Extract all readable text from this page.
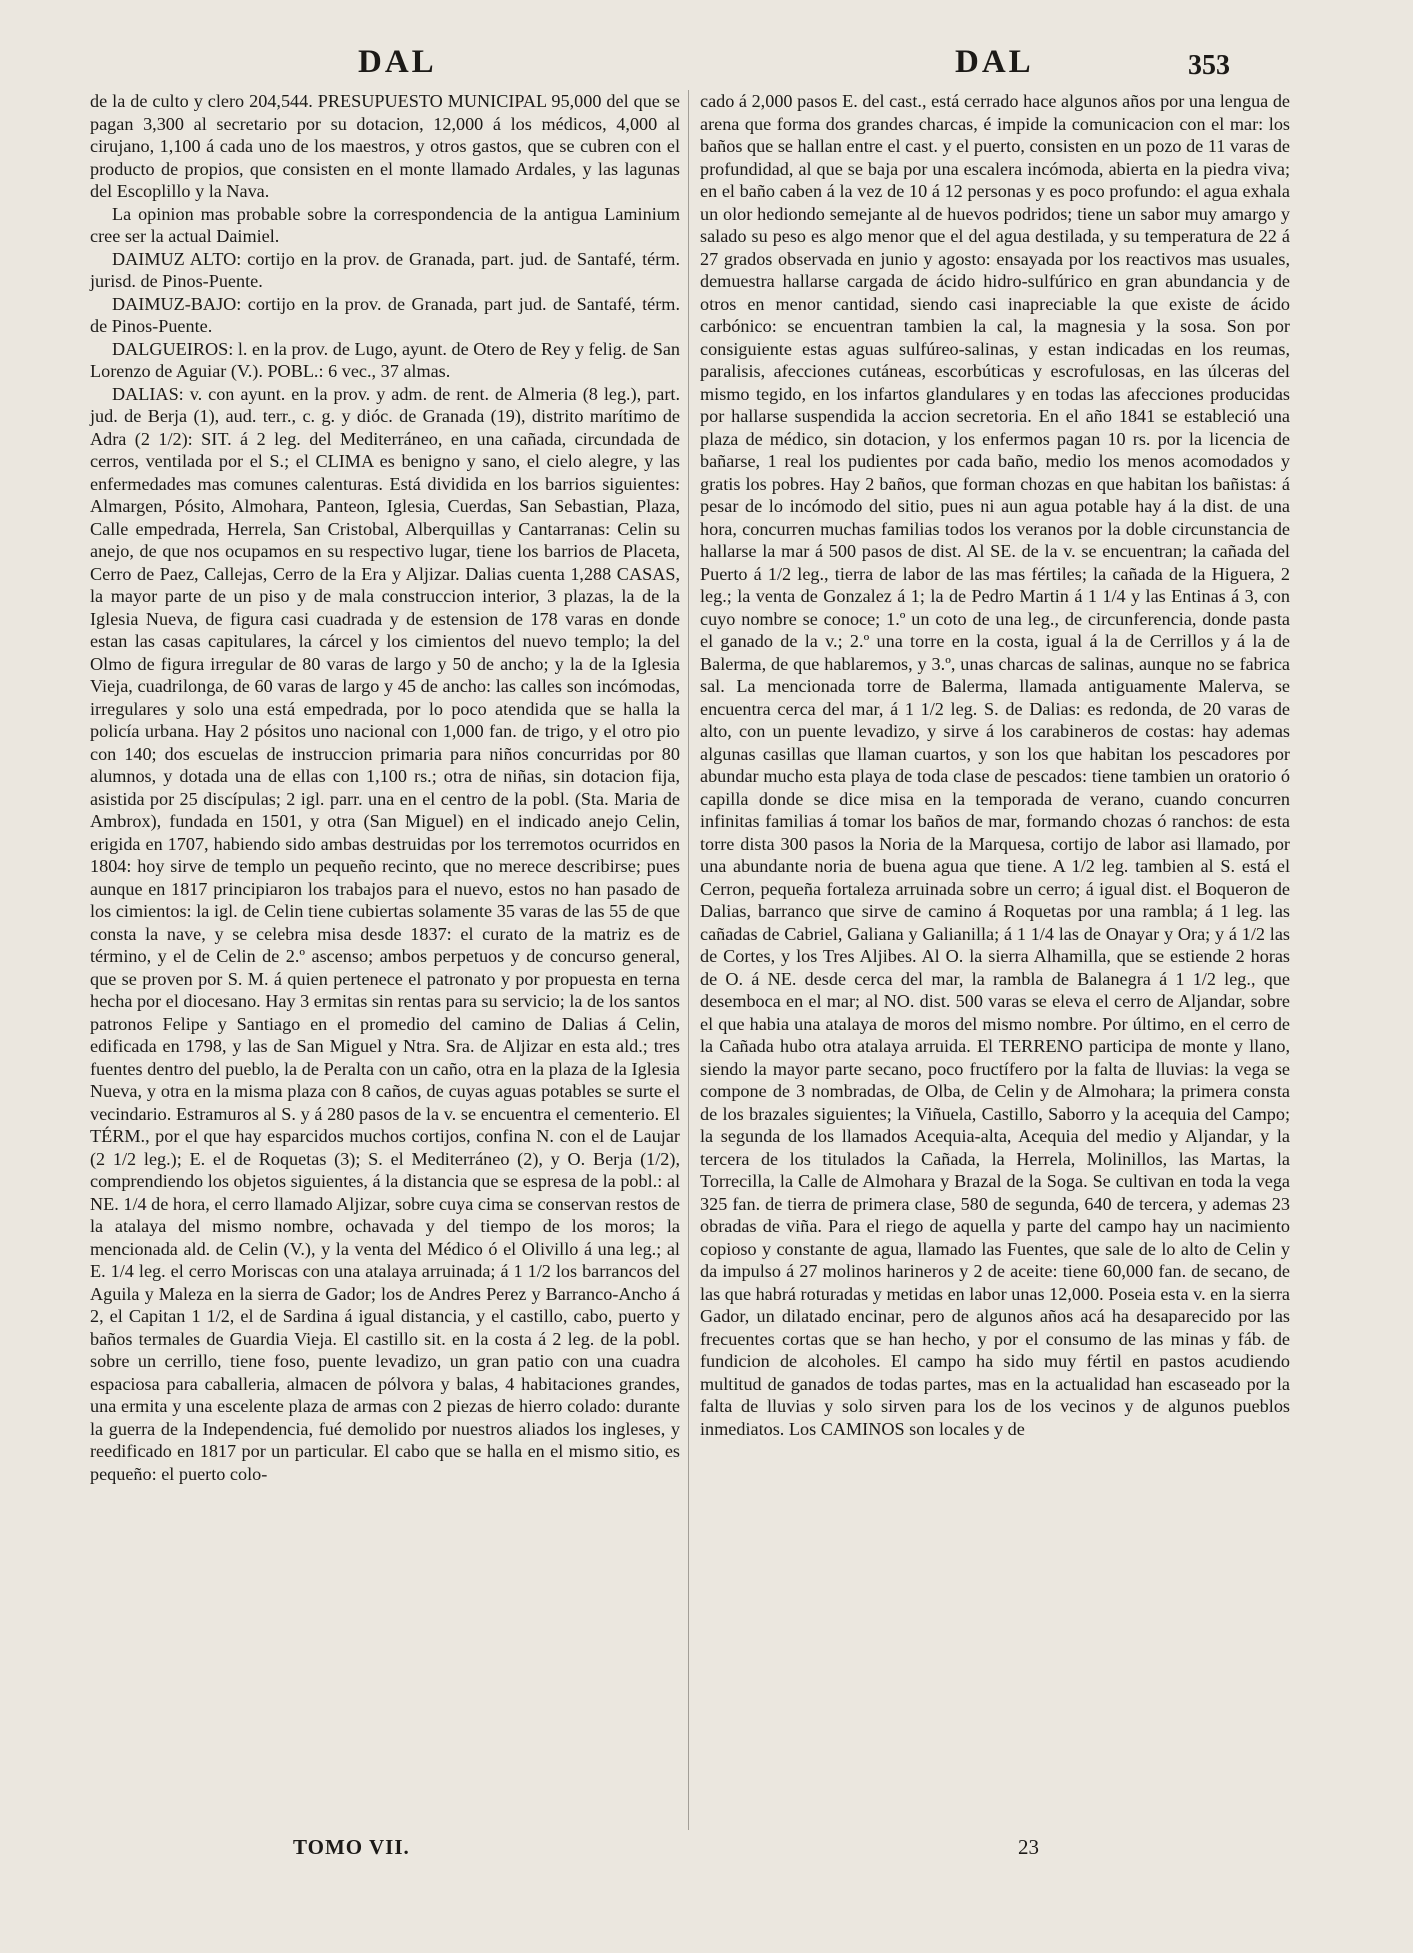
DAL	DAL	353

de la de culto y clero 204,544. PRESUPUESTO MUNICIPAL 95,000 del que se pagan 3,300 al secretario por su dotacion, 12,000 á los médicos, 4,000 al cirujano, 1,100 á cada uno de los maestros, y otros gastos, que se cubren con el producto de propios, que consisten en el monte llamado Ardales, y las lagunas del Escoplillo y la Nava.

La opinion mas probable sobre la correspondencia de la antigua Laminium cree ser la actual Daimiel.

DAIMUZ ALTO: cortijo en la prov. de Granada, part. jud. de Santafé, térm. jurisd. de Pinos-Puente.

DAIMUZ-BAJO: cortijo en la prov. de Granada, part jud. de Santafé, térm. de Pinos-Puente.

DALGUEIROS: l. en la prov. de Lugo, ayunt. de Otero de Rey y felig. de San Lorenzo de Aguiar (V.). POBL.: 6 vec., 37 almas.

DALIAS: v. con ayunt. en la prov. y adm. de rent. de Almeria (8 leg.), part. jud. de Berja (1), aud. terr., c. g. y dióc. de Granada (19), distrito marítimo de Adra (2 1/2): SIT. á 2 leg. del Mediterráneo, en una cañada, circundada de cerros, ventilada por el S.; el CLIMA es benigno y sano, el cielo alegre, y las enfermedades mas comunes calenturas. Está dividida en los barrios siguientes: Almargen, Pósito, Almohara, Panteon, Iglesia, Cuerdas, San Sebastian, Plaza, Calle empedrada, Herrela, San Cristobal, Alberquillas y Cantarranas: Celin su anejo, de que nos ocupamos en su respectivo lugar, tiene los barrios de Placeta, Cerro de Paez, Callejas, Cerro de la Era y Aljizar. Dalias cuenta 1,288 CASAS, la mayor parte de un piso y de mala construccion interior, 3 plazas, la de la Iglesia Nueva, de figura casi cuadrada y de estension de 178 varas en donde estan las casas capitulares, la cárcel y los cimientos del nuevo templo; la del Olmo de figura irregular de 80 varas de largo y 50 de ancho; y la de la Iglesia Vieja, cuadrilonga, de 60 varas de largo y 45 de ancho: las calles son incómodas, irregulares y solo una está empedrada, por lo poco atendida que se halla la policía urbana. Hay 2 pósitos uno nacional con 1,000 fan. de trigo, y el otro pio con 140; dos escuelas de instruccion primaria para niños concurridas por 80 alumnos, y dotada una de ellas con 1,100 rs.; otra de niñas, sin dotacion fija, asistida por 25 discípulas; 2 igl. parr. una en el centro de la pobl. (Sta. Maria de Ambrox), fundada en 1501, y otra (San Miguel) en el indicado anejo Celin, erigida en 1707, habiendo sido ambas destruidas por los terremotos ocurridos en 1804: hoy sirve de templo un pequeño recinto, que no merece describirse; pues aunque en 1817 principiaron los trabajos para el nuevo, estos no han pasado de los cimientos: la igl. de Celin tiene cubiertas solamente 35 varas de las 55 de que consta la nave, y se celebra misa desde 1837: el curato de la matriz es de término, y el de Celin de 2.º ascenso; ambos perpetuos y de concurso general, que se proven por S. M. á quien pertenece el patronato y por propuesta en terna hecha por el diocesano. Hay 3 ermitas sin rentas para su servicio; la de los santos patronos Felipe y Santiago en el promedio del camino de Dalias á Celin, edificada en 1798, y las de San Miguel y Ntra. Sra. de Aljizar en esta ald.; tres fuentes dentro del pueblo, la de Peralta con un caño, otra en la plaza de la Iglesia Nueva, y otra en la misma plaza con 8 caños, de cuyas aguas potables se surte el vecindario. Estramuros al S. y á 280 pasos de la v. se encuentra el cementerio. El TÉRM., por el que hay esparcidos muchos cortijos, confina N. con el de Laujar (2 1/2 leg.); E. el de Roquetas (3); S. el Mediterráneo (2), y O. Berja (1/2), comprendiendo los objetos siguientes, á la distancia que se espresa de la pobl.: al NE. 1/4 de hora, el cerro llamado Aljizar, sobre cuya cima se conservan restos de la atalaya del mismo nombre, ochavada y del tiempo de los moros; la mencionada ald. de Celin (V.), y la venta del Médico ó el Olivillo á una leg.; al E. 1/4 leg. el cerro Moriscas con una atalaya arruinada; á 1 1/2 los barrancos del Aguila y Maleza en la sierra de Gador; los de Andres Perez y Barranco-Ancho á 2, el Capitan 1 1/2, el de Sardina á igual distancia, y el castillo, cabo, puerto y baños termales de Guardia Vieja. El castillo sit. en la costa á 2 leg. de la pobl. sobre un cerrillo, tiene foso, puente levadizo, un gran patio con una cuadra espaciosa para caballeria, almacen de pólvora y balas, 4 habitaciones grandes, una ermita y una escelente plaza de armas con 2 piezas de hierro colado: durante la guerra de la Independencia, fué demolido por nuestros aliados los ingleses, y reedificado en 1817 por un particular. El cabo que se halla en el mismo sitio, es pequeño: el puerto colo-

cado á 2,000 pasos E. del cast., está cerrado hace algunos años por una lengua de arena que forma dos grandes charcas, é impide la comunicacion con el mar: los baños que se hallan entre el cast. y el puerto, consisten en un pozo de 11 varas de profundidad, al que se baja por una escalera incómoda, abierta en la piedra viva; en el baño caben á la vez de 10 á 12 personas y es poco profundo: el agua exhala un olor hediondo semejante al de huevos podridos; tiene un sabor muy amargo y salado su peso es algo menor que el del agua destilada, y su temperatura de 22 á 27 grados observada en junio y agosto: ensayada por los reactivos mas usuales, demuestra hallarse cargada de ácido hidro-sulfúrico en gran abundancia y de otros en menor cantidad, siendo casi inapreciable la que existe de ácido carbónico: se encuentran tambien la cal, la magnesia y la sosa. Son por consiguiente estas aguas sulfúreo-salinas, y estan indicadas en los reumas, paralisis, afecciones cutáneas, escorbúticas y escrofulosas, en las úlceras del mismo tegido, en los infartos glandulares y en todas las afecciones producidas por hallarse suspendida la accion secretoria. En el año 1841 se estableció una plaza de médico, sin dotacion, y los enfermos pagan 10 rs. por la licencia de bañarse, 1 real los pudientes por cada baño, medio los menos acomodados y gratis los pobres. Hay 2 baños, que forman chozas en que habitan los bañistas: á pesar de lo incómodo del sitio, pues ni aun agua potable hay á la dist. de una hora, concurren muchas familias todos los veranos por la doble circunstancia de hallarse la mar á 500 pasos de dist. Al SE. de la v. se encuentran; la cañada del Puerto á 1/2 leg., tierra de labor de las mas fértiles; la cañada de la Higuera, 2 leg.; la venta de Gonzalez á 1; la de Pedro Martin á 1 1/4 y las Entinas á 3, con cuyo nombre se conoce; 1.º un coto de una leg., de circunferencia, donde pasta el ganado de la v.; 2.º una torre en la costa, igual á la de Cerrillos y á la de Balerma, de que hablaremos, y 3.º, unas charcas de salinas, aunque no se fabrica sal. La mencionada torre de Balerma, llamada antiguamente Malerva, se encuentra cerca del mar, á 1 1/2 leg. S. de Dalias: es redonda, de 20 varas de alto, con un puente levadizo, y sirve á los carabineros de costas: hay ademas algunas casillas que llaman cuartos, y son los que habitan los pescadores por abundar mucho esta playa de toda clase de pescados: tiene tambien un oratorio ó capilla donde se dice misa en la temporada de verano, cuando concurren infinitas familias á tomar los baños de mar, formando chozas ó ranchos: de esta torre dista 300 pasos la Noria de la Marquesa, cortijo de labor asi llamado, por una abundante noria de buena agua que tiene. A 1/2 leg. tambien al S. está el Cerron, pequeña fortaleza arruinada sobre un cerro; á igual dist. el Boqueron de Dalias, barranco que sirve de camino á Roquetas por una rambla; á 1 leg. las cañadas de Cabriel, Galiana y Galianilla; á 1 1/4 las de Onayar y Ora; y á 1/2 las de Cortes, y los Tres Aljibes. Al O. la sierra Alhamilla, que se estiende 2 horas de O. á NE. desde cerca del mar, la rambla de Balanegra á 1 1/2 leg., que desemboca en el mar; al NO. dist. 500 varas se eleva el cerro de Aljandar, sobre el que habia una atalaya de moros del mismo nombre. Por último, en el cerro de la Cañada hubo otra atalaya arruida. El TERRENO participa de monte y llano, siendo la mayor parte secano, poco fructífero por la falta de lluvias: la vega se compone de 3 nombradas, de Olba, de Celin y de Almohara; la primera consta de los brazales siguientes; la Viñuela, Castillo, Saborro y la acequia del Campo; la segunda de los llamados Acequia-alta, Acequia del medio y Aljandar, y la tercera de los titulados la Cañada, la Herrela, Molinillos, las Martas, la Torrecilla, la Calle de Almohara y Brazal de la Soga. Se cultivan en toda la vega 325 fan. de tierra de primera clase, 580 de segunda, 640 de tercera, y ademas 23 obradas de viña. Para el riego de aquella y parte del campo hay un nacimiento copioso y constante de agua, llamado las Fuentes, que sale de lo alto de Celin y da impulso á 27 molinos harineros y 2 de aceite: tiene 60,000 fan. de secano, de las que habrá roturadas y metidas en labor unas 12,000. Poseia esta v. en la sierra Gador, un dilatado encinar, pero de algunos años acá ha desaparecido por las frecuentes cortas que se han hecho, y por el consumo de las minas y fáb. de fundicion de alcoholes. El campo ha sido muy fértil en pastos acudiendo multitud de ganados de todas partes, mas en la actualidad han escaseado por la falta de lluvias y solo sirven para los de los vecinos y de algunos pueblos inmediatos. Los CAMINOS son locales y de

TOMO VII.	23
